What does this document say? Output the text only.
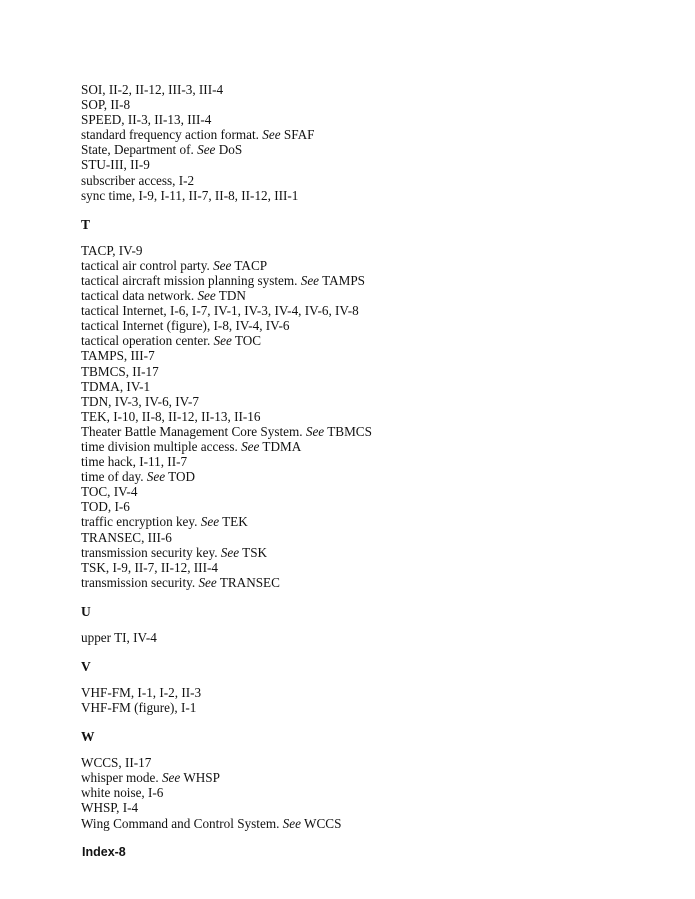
SOI, II-2, II-12, III-3, III-4
SOP, II-8
SPEED, II-3, II-13, III-4
standard frequency action format. See SFAF
State, Department of. See DoS
STU-III, II-9
subscriber access, I-2
sync time, I-9, I-11, II-7, II-8, II-12, III-1
T
TACP, IV-9
tactical air control party. See TACP
tactical aircraft mission planning system. See TAMPS
tactical data network. See TDN
tactical Internet, I-6, I-7, IV-1, IV-3, IV-4, IV-6, IV-8
tactical Internet (figure), I-8, IV-4, IV-6
tactical operation center. See TOC
TAMPS, III-7
TBMCS, II-17
TDMA, IV-1
TDN, IV-3, IV-6, IV-7
TEK, I-10, II-8, II-12, II-13, II-16
Theater Battle Management Core System. See TBMCS
time division multiple access. See TDMA
time hack, I-11, II-7
time of day. See TOD
TOC, IV-4
TOD, I-6
traffic encryption key. See TEK
TRANSEC, III-6
transmission security key. See TSK
TSK, I-9, II-7, II-12, III-4
transmission security. See TRANSEC
U
upper TI, IV-4
V
VHF-FM, I-1, I-2, II-3
VHF-FM (figure), I-1
W
WCCS, II-17
whisper mode. See WHSP
white noise, I-6
WHSP, I-4
Wing Command and Control System. See WCCS
Index-8
